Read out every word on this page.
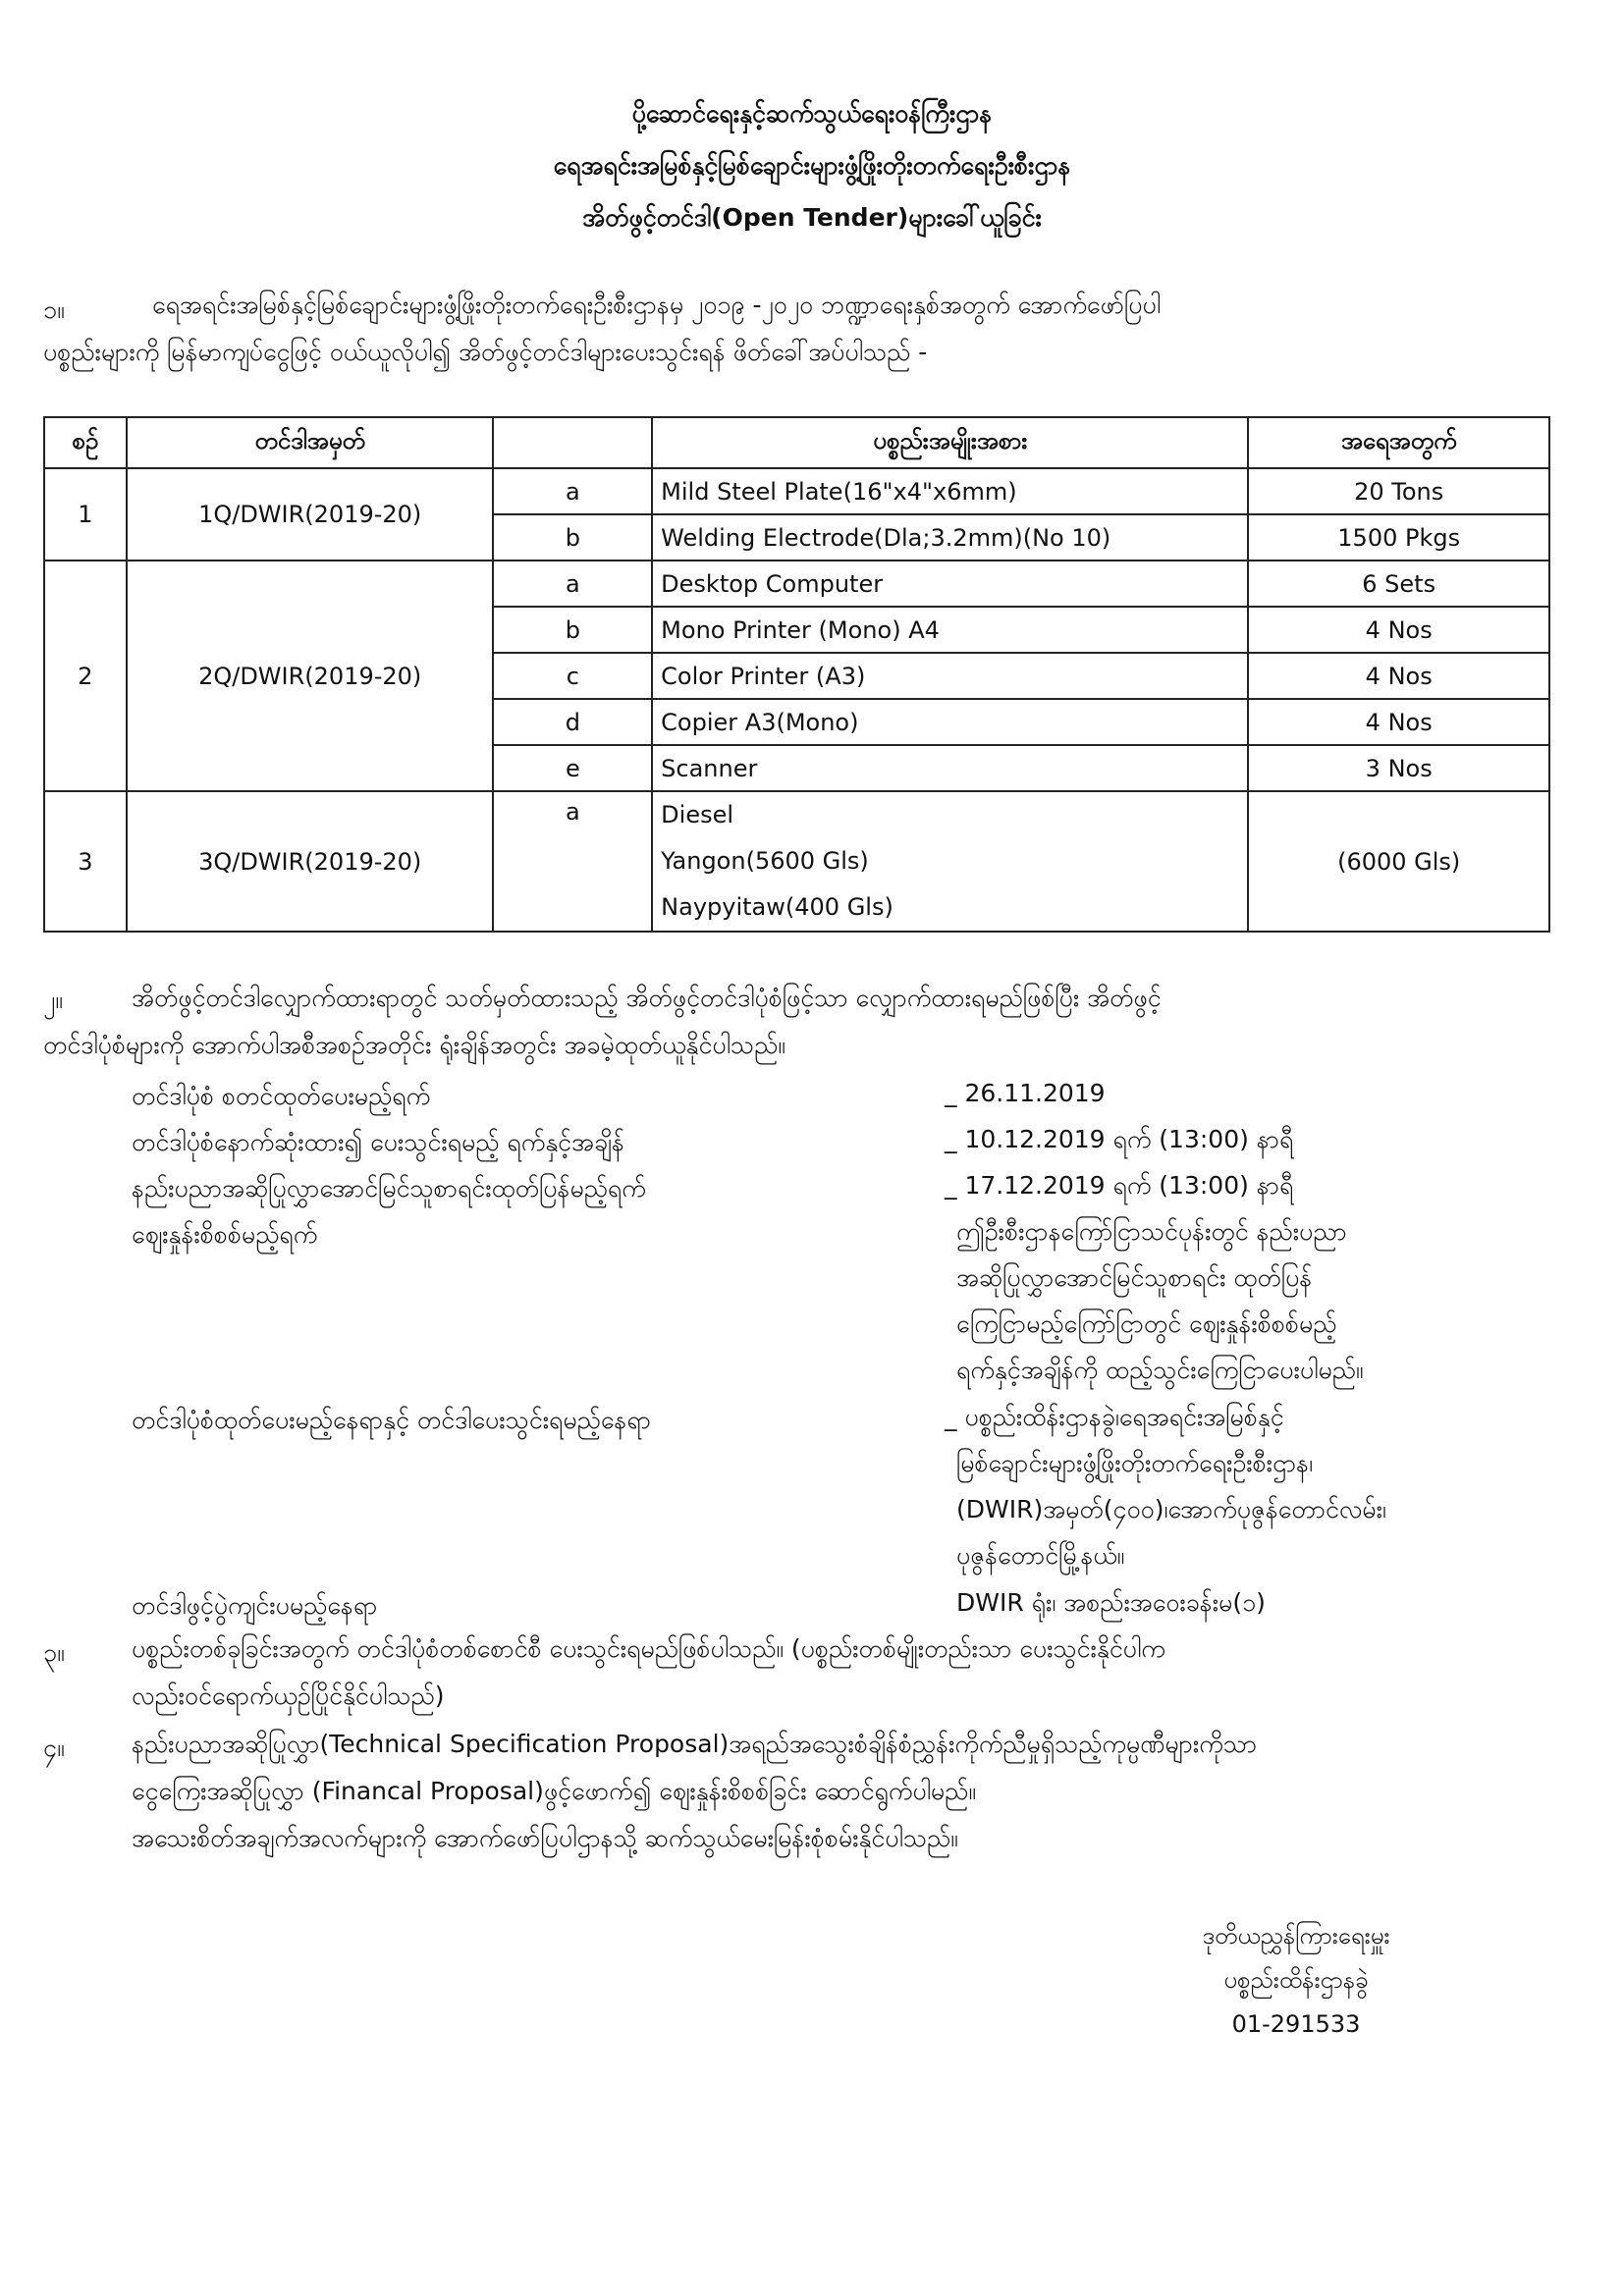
ပို့ဆောင်ရေးနှင့်ဆက်သွယ်ရေးဝန်ကြီးဌာန
ရေအရင်းအမြစ်နှင့်မြစ်ချောင်းများဖွံ့ဖြိုးတိုးတက်ရေးဦးစီးဌာန
အိတ်ဖွင့်တင်ဒါ(Open Tender)များခေါ်ယူခြင်း
၁။	ရေအရင်းအမြစ်နှင့်မြစ်ချောင်းများဖွံ့ဖြိုးတိုးတက်ရေးဦးစီးဌာနမှ ၂၀၁၉ -၂၀၂၀ ဘဏ္ဍာရေးနှစ်အတွက် အောက်ဖော်ပြပါ
ပစ္စည်းများကို မြန်မာကျပ်ငွေဖြင့် ဝယ်ယူလိုပါ၍ အိတ်ဖွင့်တင်ဒါများပေးသွင်းရန် ဖိတ်ခေါ်အပ်ပါသည် -
စဉ်	တင်ဒါအမှတ်		ပစ္စည်းအမျိုးအစား	အရေအတွက်
1	1Q/DWIR(2019-20)	a	Mild Steel Plate(16"x4"x6mm)	20 Tons
		b	Welding Electrode(Dla;3.2mm)(No 10)	1500 Pkgs
2	2Q/DWIR(2019-20)	a	Desktop Computer	6 Sets
		b	Mono Printer (Mono) A4	4 Nos
		c	Color Printer (A3)	4 Nos
		d	Copier A3(Mono)	4 Nos
		e	Scanner	3 Nos
3	3Q/DWIR(2019-20)	a	Diesel
Yangon(5600 Gls)
Naypyitaw(400 Gls)	(6000 Gls)
၂။	အိတ်ဖွင့်တင်ဒါလျှောက်ထားရာတွင် သတ်မှတ်ထားသည့် အိတ်ဖွင့်တင်ဒါပုံစံဖြင့်သာ လျှောက်ထားရမည်ဖြစ်ပြီး အိတ်ဖွင့်
တင်ဒါပုံစံများကို အောက်ပါအစီအစဉ်အတိုင်း ရုံးချိန်အတွင်း အခမဲ့ထုတ်ယူနိုင်ပါသည်။
တင်ဒါပုံစံ စတင်ထုတ်ပေးမည့်ရက်	_ 26.11.2019
တင်ဒါပုံစံနောက်ဆုံးထား၍ ပေးသွင်းရမည့် ရက်နှင့်အချိန်	_ 10.12.2019 ရက် (13:00) နာရီ
နည်းပညာအဆိုပြုလွှာအောင်မြင်သူစာရင်းထုတ်ပြန်မည့်ရက်	_ 17.12.2019 ရက် (13:00) နာရီ
ဈေးနှုန်းစိစစ်မည့်ရက်	ဤဦးစီးဌာနကြော်ငြာသင်ပုန်းတွင် နည်းပညာ
အဆိုပြုလွှာအောင်မြင်သူစာရင်း ထုတ်ပြန်
ကြေငြာမည့်ကြော်ငြာတွင် ဈေးနှုန်းစိစစ်မည့်
ရက်နှင့်အချိန်ကို ထည့်သွင်းကြေငြာပေးပါမည်။
တင်ဒါပုံစံထုတ်ပေးမည့်နေရာနှင့် တင်ဒါပေးသွင်းရမည့်နေရာ	_ ပစ္စည်းထိန်းဌာနခွဲ၊ရေအရင်းအမြစ်နှင့်
မြစ်ချောင်းများဖွံ့ဖြိုးတိုးတက်ရေးဦးစီးဌာန၊
(DWIR)အမှတ်(၄၀၀)၊အောက်ပုဇွန်တောင်လမ်း၊
ပုဇွန်တောင်မြို့နယ်။
တင်ဒါဖွင့်ပွဲကျင်းပမည့်နေရာ	DWIR ရုံး၊ အစည်းအဝေးခန်းမ(၁)
၃။	ပစ္စည်းတစ်ခုခြင်းအတွက် တင်ဒါပုံစံတစ်စောင်စီ ပေးသွင်းရမည်ဖြစ်ပါသည်။ (ပစ္စည်းတစ်မျိုးတည်းသာ ပေးသွင်းနိုင်ပါက
လည်းဝင်ရောက်ယှဉ်ပြိုင်နိုင်ပါသည်)
၄။	နည်းပညာအဆိုပြုလွှာ(Technical Specification Proposal)အရည်အသွေးစံချိန်စံညွှန်းကိုက်ညီမှုရှိသည့်ကုမ္ပဏီများကိုသာ
ငွေကြေးအဆိုပြုလွှာ (Financal Proposal)ဖွင့်ဖောက်၍ ဈေးနှုန်းစိစစ်ခြင်း ဆောင်ရွက်ပါမည်။
အသေးစိတ်အချက်အလက်များကို အောက်ဖော်ပြပါဌာနသို့ ဆက်သွယ်မေးမြန်းစုံစမ်းနိုင်ပါသည်။
ဒုတိယညွှန်ကြားရေးမှူး
ပစ္စည်းထိန်းဌာနခွဲ
01-291533
